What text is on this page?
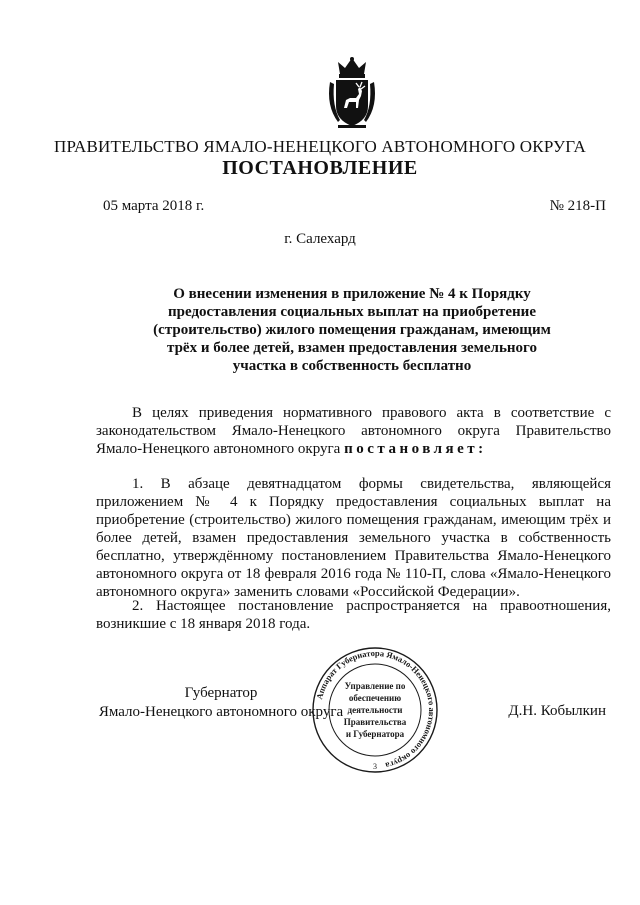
ПРАВИТЕЛЬСТВО ЯМАЛО-НЕНЕЦКОГО АВТОНОМНОГО ОКРУГА
ПОСТАНОВЛЕНИЕ
05 марта 2018 г.	№ 218-П
г. Салехард
О внесении изменения в приложение № 4 к Порядку предоставления социальных выплат на приобретение (строительство) жилого помещения гражданам, имеющим трёх и более детей, взамен предоставления земельного участка в собственность бесплатно

В целях приведения нормативного правового акта в соответствие с законодательством Ямало-Ненецкого автономного округа Правительство Ямало-Ненецкого автономного округа постановляет:

1. В абзаце девятнадцатом формы свидетельства, являющейся приложением № 4 к Порядку предоставления социальных выплат на приобретение (строительство) жилого помещения гражданам, имеющим трёх и более детей, взамен предоставления земельного участка в собственность бесплатно, утверждённому постановлением Правительства Ямало-Ненецкого автономного округа от 18 февраля 2016 года № 110-П, слова «Ямало-Ненецкого автономного округа» заменить словами «Российской Федерации».

2. Настоящее постановление распространяется на правоотношения, возникшие с 18 января 2018 года.

Губернатор
Ямало-Ненецкого автономного округа	Д.Н. Кобылкин
Аппарат Губернатора Ямало-Ненецкого автономного округа
Управление по
обеспечению
деятельности
Правительства
и Губернатора
3
